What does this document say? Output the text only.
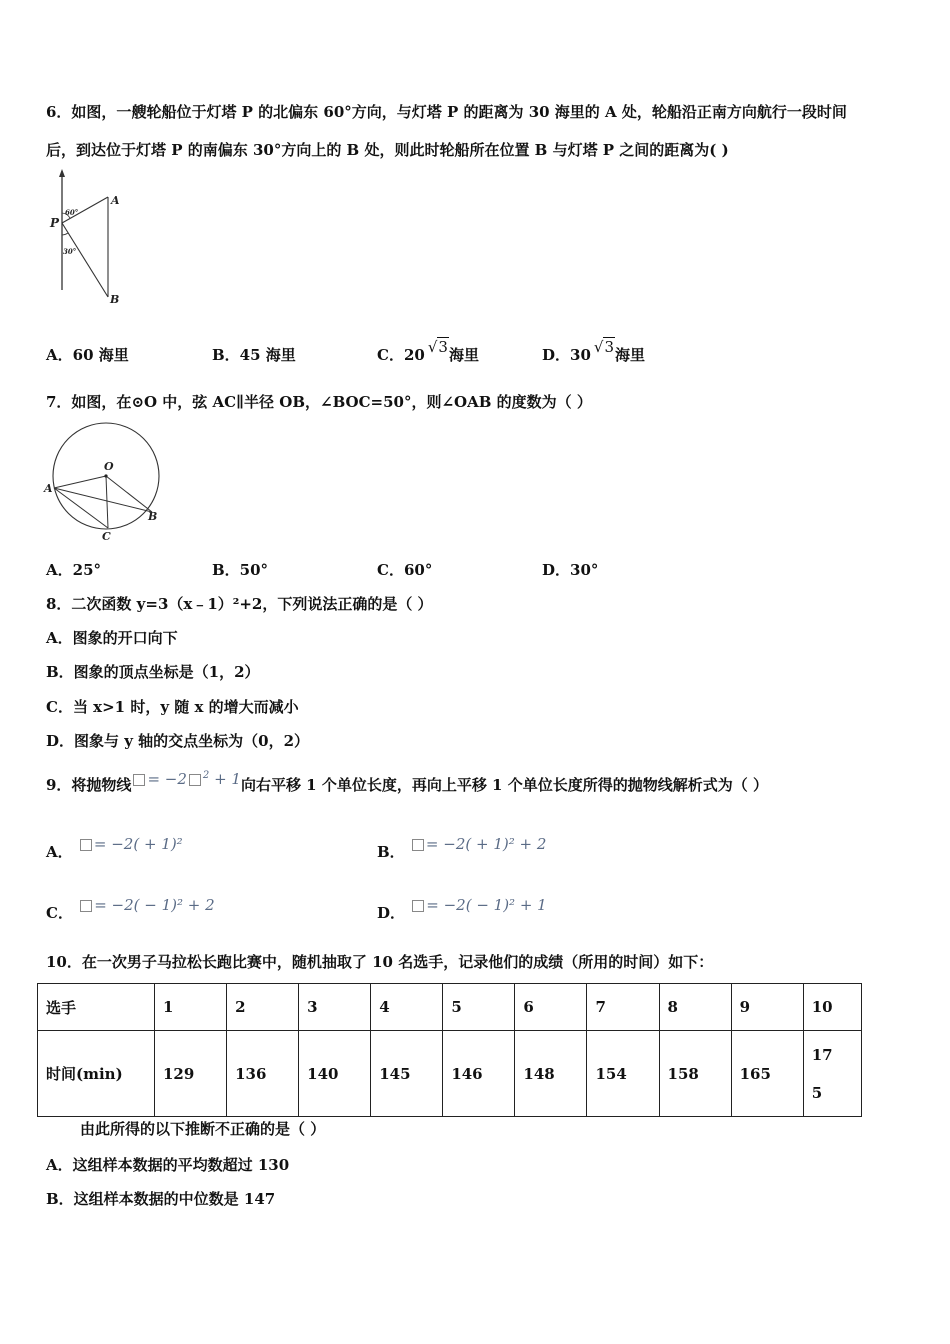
6．如图，一艘轮船位于灯塔 P 的北偏东 60°方向，与灯塔 P 的距离为 30 海里的 A 处，轮船沿正南方向航行一段时间
后，到达位于灯塔 P 的南偏东 30°方向上的 B 处，则此时轮船所在位置 B 与灯塔 P 之间的距离为( )
P
A
B
60°
30°
A．60 海里	B．45 海里	C．20 √3海里	D．30 √3海里
7．如图，在⊙O 中，弦 AC∥半径 OB，∠BOC=50°，则∠OAB 的度数为（ ）
O
A
B
C
A．25°	B．50°	C．60°	D．30°
8．二次函数 y=3（x﹣1）²+2，下列说法正确的是（ ）
A．图象的开口向下
B．图象的顶点坐标是（1，2）
C．当 x>1 时，y 随 x 的增大而减小
D．图象与 y 轴的交点坐标为（0，2）
9．将抛物线 = −2 $^2$ + 1向右平移 1 个单位长度，再向上平移 1 个单位长度所得的抛物线解析式为（ ）
A． = −2( + 1)²	B． = −2( + 1)² + 2
C． = −2( − 1)² + 2	D． = −2( − 1)² + 1
10．在一次男子马拉松长跑比赛中，随机抽取了 10 名选手，记录他们的成绩（所用的时间）如下：
选手	1	2	3	4	5	6	7	8	9	10
时间(min)	129	136	140	145	146	148	154	158	165	175
由此所得的以下推断不正确的是（ ）
A．这组样本数据的平均数超过 130
B．这组样本数据的中位数是 147
